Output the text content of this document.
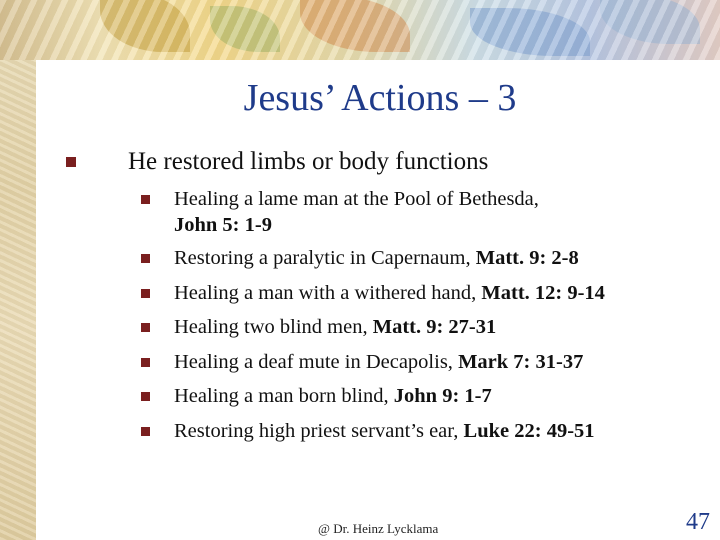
Jesus’ Actions – 3
He restored limbs or body functions
Healing a lame man at the Pool of Bethesda,
John 5: 1-9
Restoring a paralytic in Capernaum, Matt. 9: 2-8
Healing a man with a withered hand, Matt. 12: 9-14
Healing two blind men, Matt. 9: 27-31
Healing a deaf mute in Decapolis, Mark 7: 31-37
Healing a man born blind, John 9: 1-7
Restoring high priest servant’s ear, Luke 22: 49-51
@ Dr. Heinz Lycklama	47
